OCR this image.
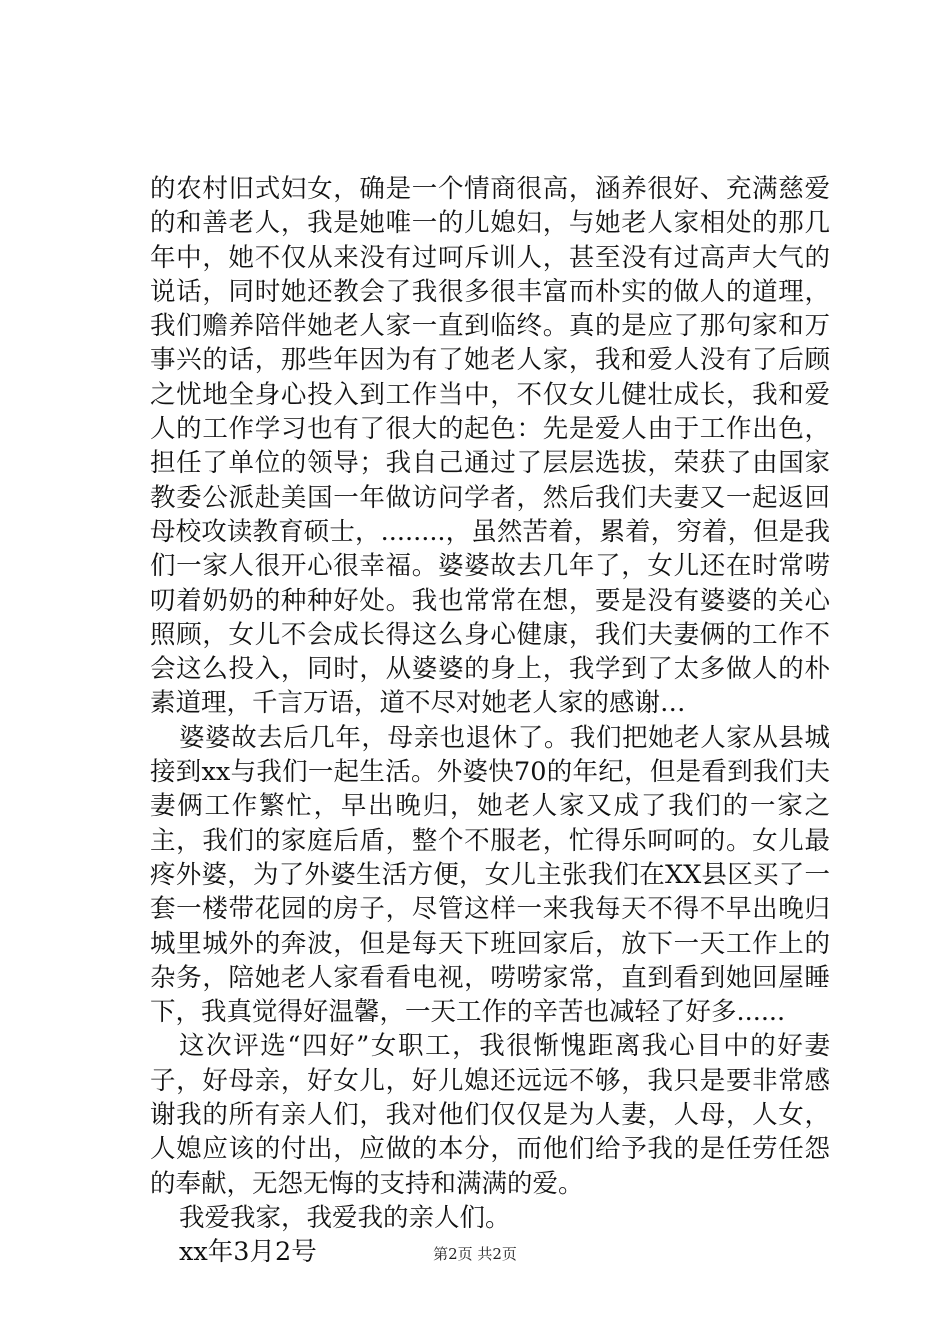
的农村旧式妇女，确是一个情商很高，涵养很好、充满慈爱的和善老人，我是她唯一的儿媳妇，与她老人家相处的那几年中，她不仅从来没有过呵斥训人，甚至没有过高声大气的说话，同时她还教会了我很多很丰富而朴实的做人的道理，我们赡养陪伴她老人家一直到临终。真的是应了那句家和万事兴的话，那些年因为有了她老人家，我和爱人没有了后顾之忧地全身心投入到工作当中，不仅女儿健壮成长，我和爱人的工作学习也有了很大的起色：先是爱人由于工作出色，担任了单位的领导；我自己通过了层层选拔，荣获了由国家教委公派赴美国一年做访问学者，然后我们夫妻又一起返回母校攻读教育硕士，........，虽然苦着，累着，穷着，但是我们一家人很开心很幸福。婆婆故去几年了，女儿还在时常唠叨着奶奶的种种好处。我也常常在想，要是没有婆婆的关心照顾，女儿不会成长得这么身心健康，我们夫妻俩的工作不会这么投入，同时，从婆婆的身上，我学到了太多做人的朴素道理，千言万语，道不尽对她老人家的感谢…

婆婆故去后几年，母亲也退休了。我们把她老人家从县城接到xx与我们一起生活。外婆快70的年纪，但是看到我们夫妻俩工作繁忙，早出晚归，她老人家又成了我们的一家之主，我们的家庭后盾，整个不服老，忙得乐呵呵的。女儿最疼外婆，为了外婆生活方便，女儿主张我们在XX县区买了一套一楼带花园的房子，尽管这样一来我每天不得不早出晚归城里城外的奔波，但是每天下班回家后，放下一天工作上的杂务，陪她老人家看看电视，唠唠家常，直到看到她回屋睡下，我真觉得好温馨，一天工作的辛苦也减轻了好多......

这次评选“四好”女职工，我很惭愧距离我心目中的好妻子，好母亲，好女儿，好儿媳还远远不够，我只是要非常感谢我的所有亲人们，我对他们仅仅是为人妻，人母，人女，人媳应该的付出，应做的本分，而他们给予我的是任劳任怨的奉献，无怨无悔的支持和满满的爱。

我爱我家，我爱我的亲人们。

xx年3月2号	第2页 共2页
